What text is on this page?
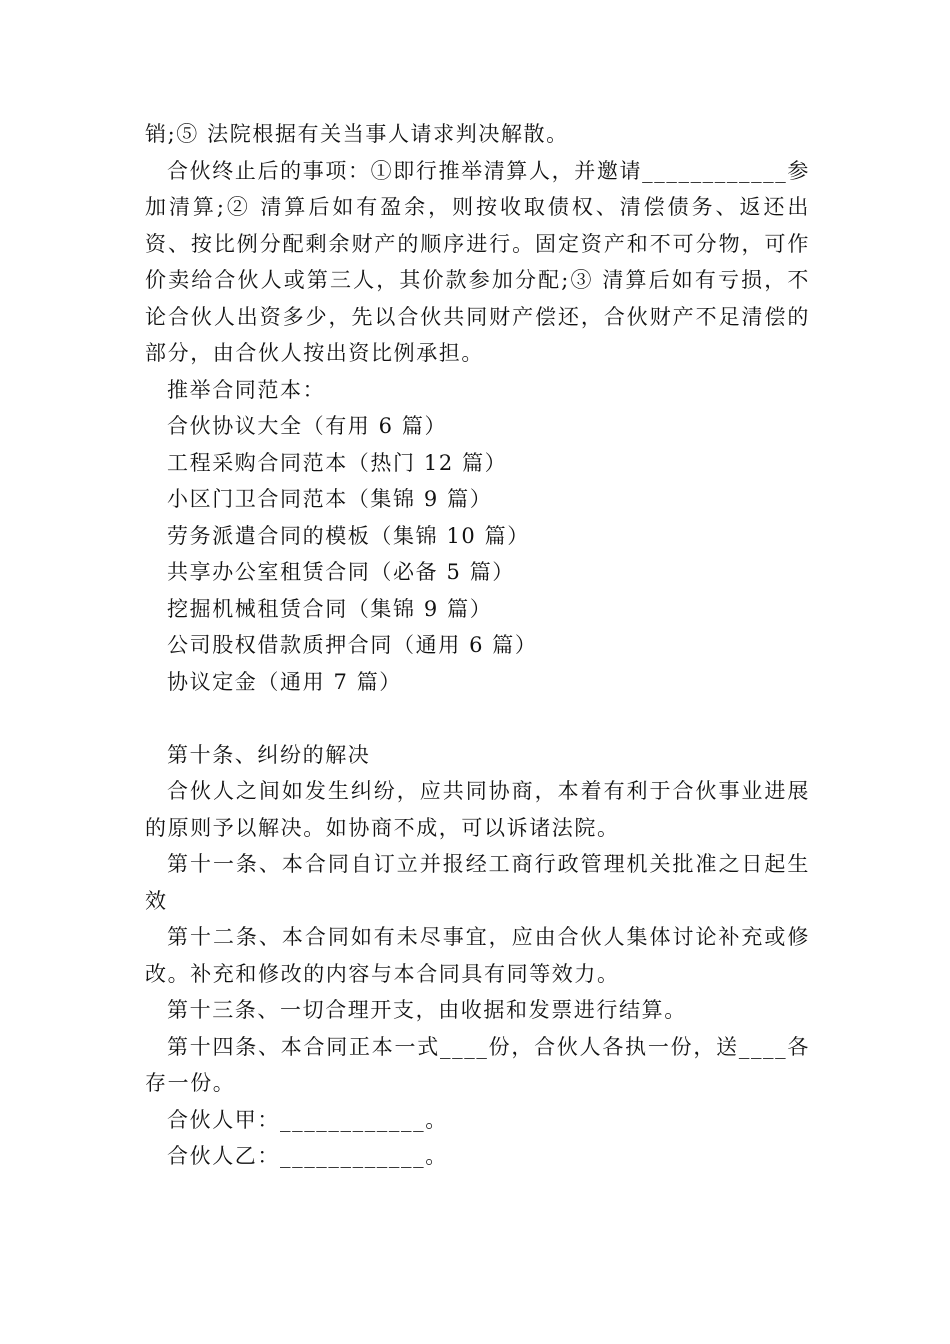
销;⑤ 法院根据有关当事人请求判决解散。

合伙终止后的事项：①即行推举清算人，并邀请____________参加清算;② 清算后如有盈余，则按收取债权、清偿债务、返还出资、按比例分配剩余财产的顺序进行。固定资产和不可分物，可作价卖给合伙人或第三人，其价款参加分配;③ 清算后如有亏损，不论合伙人出资多少，先以合伙共同财产偿还，合伙财产不足清偿的部分，由合伙人按出资比例承担。

推举合同范本：

合伙协议大全（有用 6 篇）

工程采购合同范本（热门 12 篇）

小区门卫合同范本（集锦 9 篇）

劳务派遣合同的模板（集锦 10 篇）

共享办公室租赁合同（必备 5 篇）

挖掘机械租赁合同（集锦 9 篇）

公司股权借款质押合同（通用 6 篇）

协议定金（通用 7 篇）

第十条、纠纷的解决

合伙人之间如发生纠纷，应共同协商，本着有利于合伙事业进展的原则予以解决。如协商不成，可以诉诸法院。

第十一条、本合同自订立并报经工商行政管理机关批准之日起生效

第十二条、本合同如有未尽事宜，应由合伙人集体讨论补充或修改。补充和修改的内容与本合同具有同等效力。

第十三条、一切合理开支，由收据和发票进行结算。

第十四条、本合同正本一式____份，合伙人各执一份，送____各存一份。

合伙人甲：____________。

合伙人乙：____________。
